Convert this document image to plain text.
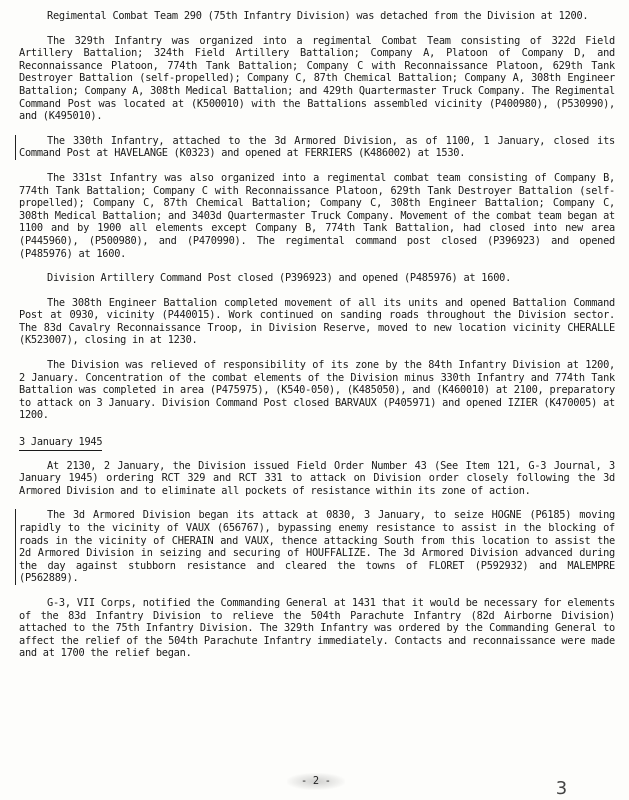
Regimental Combat Team 290 (75th Infantry Division) was detached from the Division at 1200.

The 329th Infantry was organized into a regimental Combat Team consisting of 322d Field Artillery Battalion; 324th Field Artillery Battalion; Company A, Platoon of Company D, and Reconnaissance Platoon, 774th Tank Battalion; Company C with Reconnaissance Platoon, 629th Tank Destroyer Battalion (self-propelled); Company C, 87th Chemical Battalion; Company A, 308th Engineer Battalion; Company A, 308th Medical Battalion; and 429th Quartermaster Truck Company. The Regimental Command Post was located at (K500010) with the Battalions assembled vicinity (P400980), (P530990), and (K495010).

The 330th Infantry, attached to the 3d Armored Division, as of 1100, 1 January, closed its Command Post at HAVELANGE (K0323) and opened at FERRIERS (K486002) at 1530.

The 331st Infantry was also organized into a regimental combat team consisting of Company B, 774th Tank Battalion; Company C with Reconnaissance Platoon, 629th Tank Destroyer Battalion (self-propelled); Company C, 87th Chemical Battalion; Company C, 308th Engineer Battalion; Company C, 308th Medical Battalion; and 3403d Quartermaster Truck Company. Movement of the combat team began at 1100 and by 1900 all elements except Company B, 774th Tank Battalion, had closed into new area (P445960), (P500980), and (P470990). The regimental command post closed (P396923) and opened (P485976) at 1600.

Division Artillery Command Post closed (P396923) and opened (P485976) at 1600.

The 308th Engineer Battalion completed movement of all its units and opened Battalion Command Post at 0930, vicinity (P440015). Work continued on sanding roads throughout the Division sector. The 83d Cavalry Reconnaissance Troop, in Division Reserve, moved to new location vicinity CHERALLE (K523007), closing in at 1230.

The Division was relieved of responsibility of its zone by the 84th Infantry Division at 1200, 2 January. Concentration of the combat elements of the Division minus 330th Infantry and 774th Tank Battalion was completed in area (P475975), (K540-050), (K485050), and (K460010) at 2100, preparatory to attack on 3 January. Division Command Post closed BARVAUX (P405971) and opened IZIER (K470005) at 1200.

3 January 1945

At 2130, 2 January, the Division issued Field Order Number 43 (See Item 121, G-3 Journal, 3 January 1945) ordering RCT 329 and RCT 331 to attack on Division order closely following the 3d Armored Division and to eliminate all pockets of resistance within its zone of action.

The 3d Armored Division began its attack at 0830, 3 January, to seize HOGNE (P6185) moving rapidly to the vicinity of VAUX (656767), bypassing enemy resistance to assist in the blocking of roads in the vicinity of CHERAIN and VAUX, thence attacking South from this location to assist the 2d Armored Division in seizing and securing of HOUFFALIZE. The 3d Armored Division advanced during the day against stubborn resistance and cleared the towns of FLORET (P592932) and MALEMPRE (P562889).

G-3, VII Corps, notified the Commanding General at 1431 that it would be necessary for elements of the 83d Infantry Division to relieve the 504th Parachute Infantry (82d Airborne Division) attached to the 75th Infantry Division. The 329th Infantry was ordered by the Commanding General to affect the relief of the 504th Parachute Infantry immediately. Contacts and reconnaissance were made and at 1700 the relief began.

- 2 -	3
